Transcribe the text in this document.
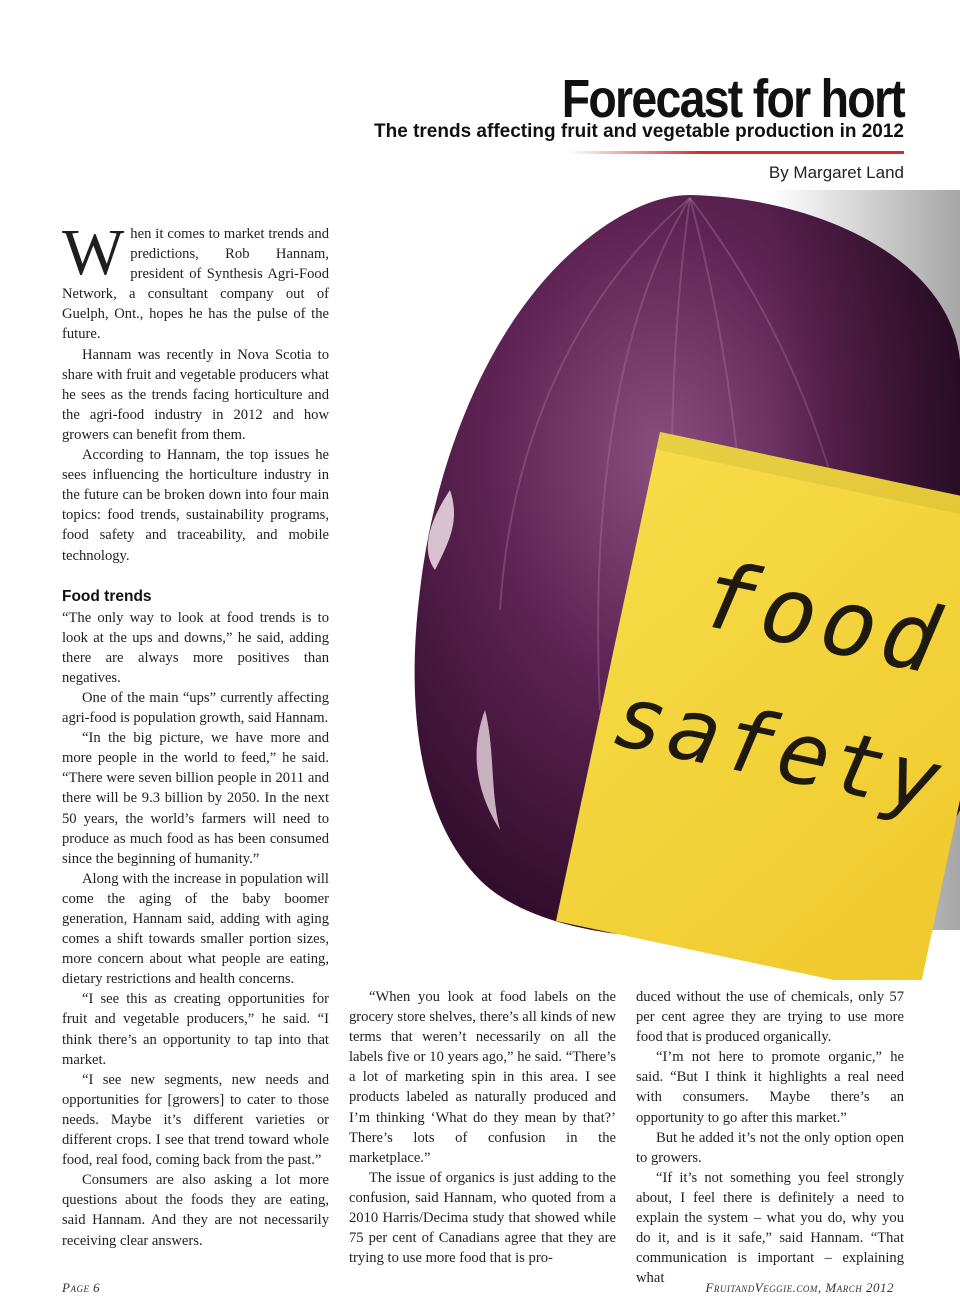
Forecast for hort
The trends affecting fruit and vegetable production in 2012
By Margaret Land
food
safety

When it comes to market trends and predictions, Rob Hannam, president of Synthesis Agri-Food Network, a consultant company out of Guelph, Ont., hopes he has the pulse of the future.

Hannam was recently in Nova Scotia to share with fruit and vegetable producers what he sees as the trends facing horticulture and the agri-food industry in 2012 and how growers can benefit from them.

According to Hannam, the top issues he sees influencing the horticulture industry in the future can be broken down into four main topics: food trends, sustainability programs, food safety and traceability, and mobile technology.

Food trends

“The only way to look at food trends is to look at the ups and downs,” he said, adding there are always more positives than negatives.

One of the main “ups” currently affecting agri-food is population growth, said Hannam.

“In the big picture, we have more and more people in the world to feed,” he said. “There were seven billion people in 2011 and there will be 9.3 billion by 2050. In the next 50 years, the world’s farmers will need to produce as much food as has been consumed since the beginning of humanity.”

Along with the increase in population will come the aging of the baby boomer generation, Hannam said, adding with aging comes a shift towards smaller portion sizes, more concern about what people are eating, dietary restrictions and health concerns.

“I see this as creating opportunities for fruit and vegetable producers,” he said. “I think there’s an opportunity to tap into that market.

“I see new segments, new needs and opportunities for [growers] to cater to those needs. Maybe it’s different varieties or different crops. I see that trend toward whole food, real food, coming back from the past.”

Consumers are also asking a lot more questions about the foods they are eating, said Hannam. And they are not necessarily receiving clear answers.

“When you look at food labels on the grocery store shelves, there’s all kinds of new terms that weren’t necessarily on all the labels five or 10 years ago,” he said. “There’s a lot of marketing spin in this area. I see products labeled as naturally produced and I’m thinking ‘What do they mean by that?’ There’s lots of confusion in the marketplace.”

The issue of organics is just adding to the confusion, said Hannam, who quoted from a 2010 Harris/Decima study that showed while 75 per cent of Canadians agree that they are trying to use more food that is pro-

duced without the use of chemicals, only 57 per cent agree they are trying to use more food that is produced organically.

“I’m not here to promote organic,” he said. “But I think it highlights a real need with consumers. Maybe there’s an opportunity to go after this market.”

But he added it’s not the only option open to growers.

“If it’s not something you feel strongly about, I feel there is definitely a need to explain the system – what you do, why you do it, and is it safe,” said Hannam. “That communication is important – explaining what

Page 6	FruitandVeggie.com, March 2012
